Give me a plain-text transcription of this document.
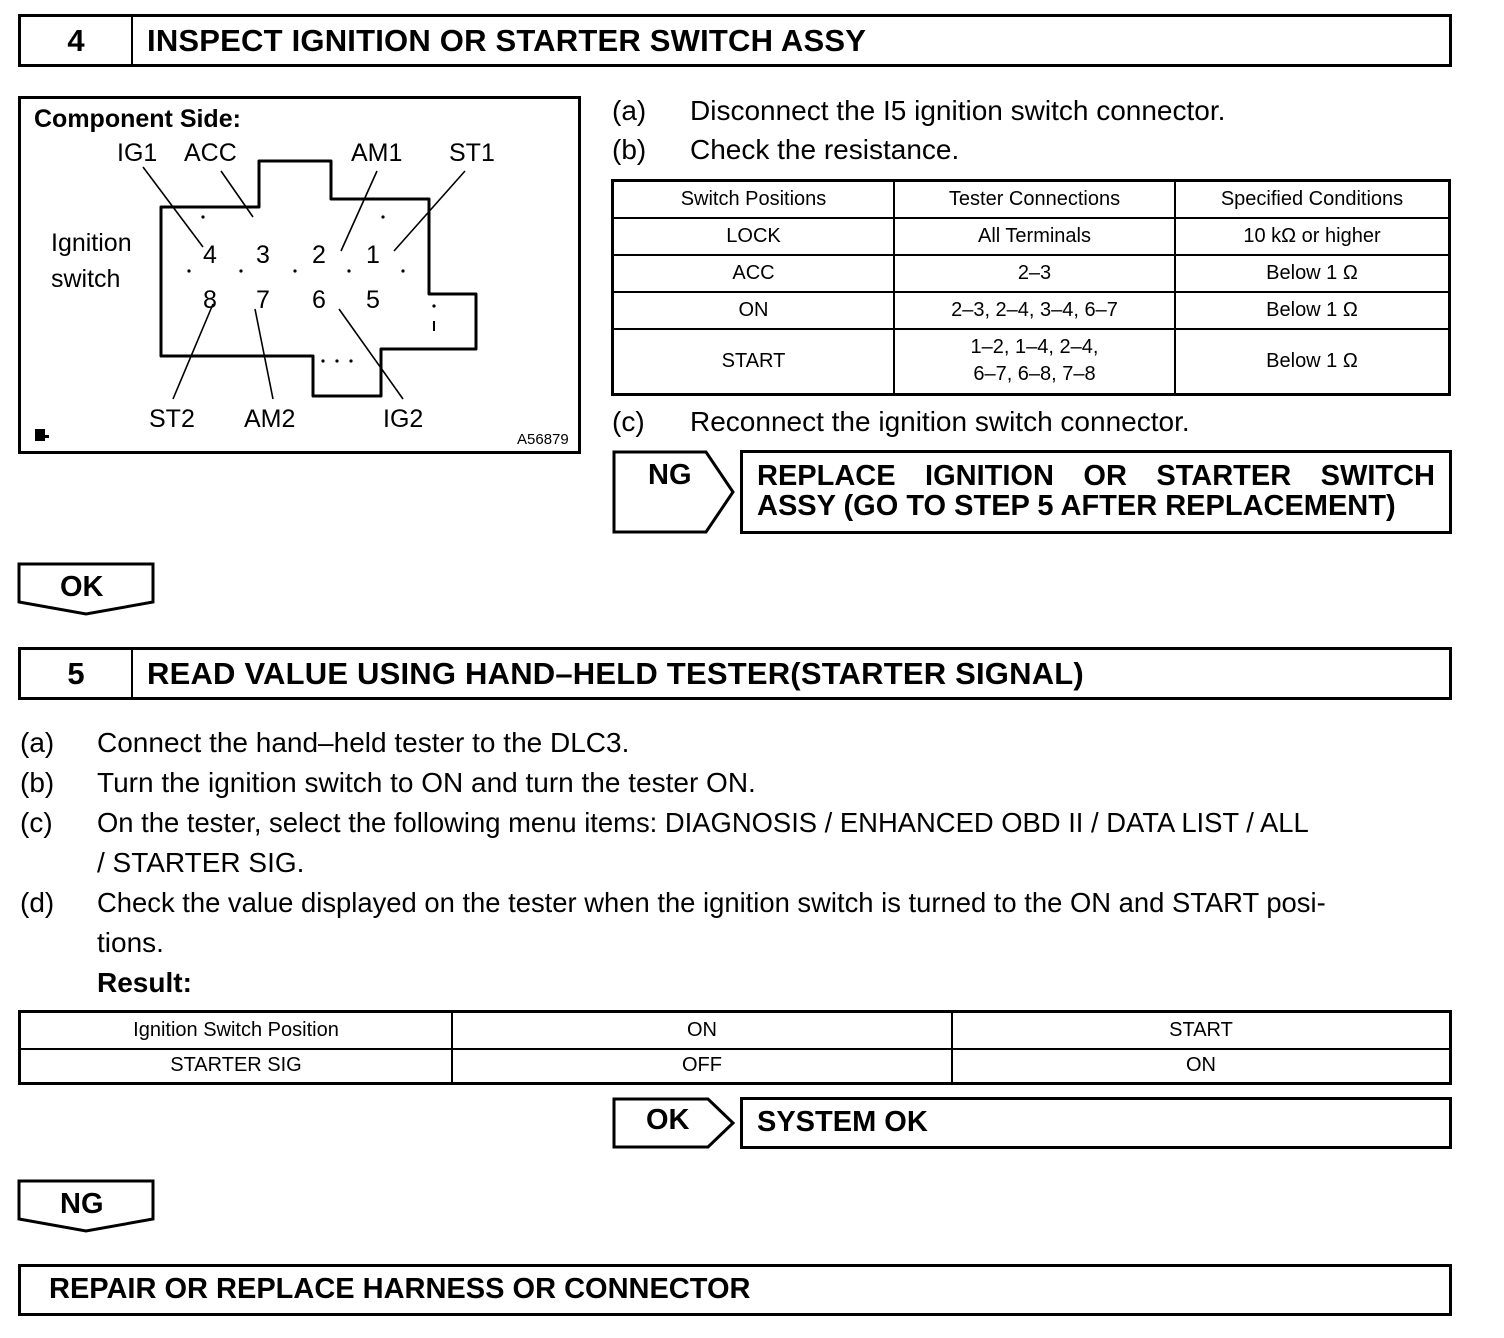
4	INSPECT IGNITION OR STARTER SWITCH ASSY
Component Side:
IG1 ACC	AM1 ST1
Ignition
switch
4 3 2 1
8 7 6 5
ST2 AM2	IG2
A56879
(a) Disconnect the I5 ignition switch connector.
(b) Check the resistance.
Switch Positions	Tester Connections	Specified Conditions
LOCK	All Terminals	10 kΩ or higher
ACC	2–3	Below 1 Ω
ON	2–3, 2–4, 3–4, 6–7	Below 1 Ω
START	1–2, 1–4, 2–4,
6–7, 6–8, 7–8	Below 1 Ω
(c) Reconnect the ignition switch connector.
NG REPLACE IGNITION OR STARTER SWITCH
ASSY (GO TO STEP 5 AFTER REPLACEMENT)
OK
5	READ VALUE USING HAND–HELD TESTER(STARTER SIGNAL)
(a) Connect the hand–held tester to the DLC3.
(b) Turn the ignition switch to ON and turn the tester ON.
(c) On the tester, select the following menu items: DIAGNOSIS / ENHANCED OBD II / DATA LIST / ALL
/ STARTER SIG.
(d) Check the value displayed on the tester when the ignition switch is turned to the ON and START posi-
tions.
Result:
Ignition Switch Position	ON	START
STARTER SIG	OFF	ON
OK SYSTEM OK
NG
REPAIR OR REPLACE HARNESS OR CONNECTOR
